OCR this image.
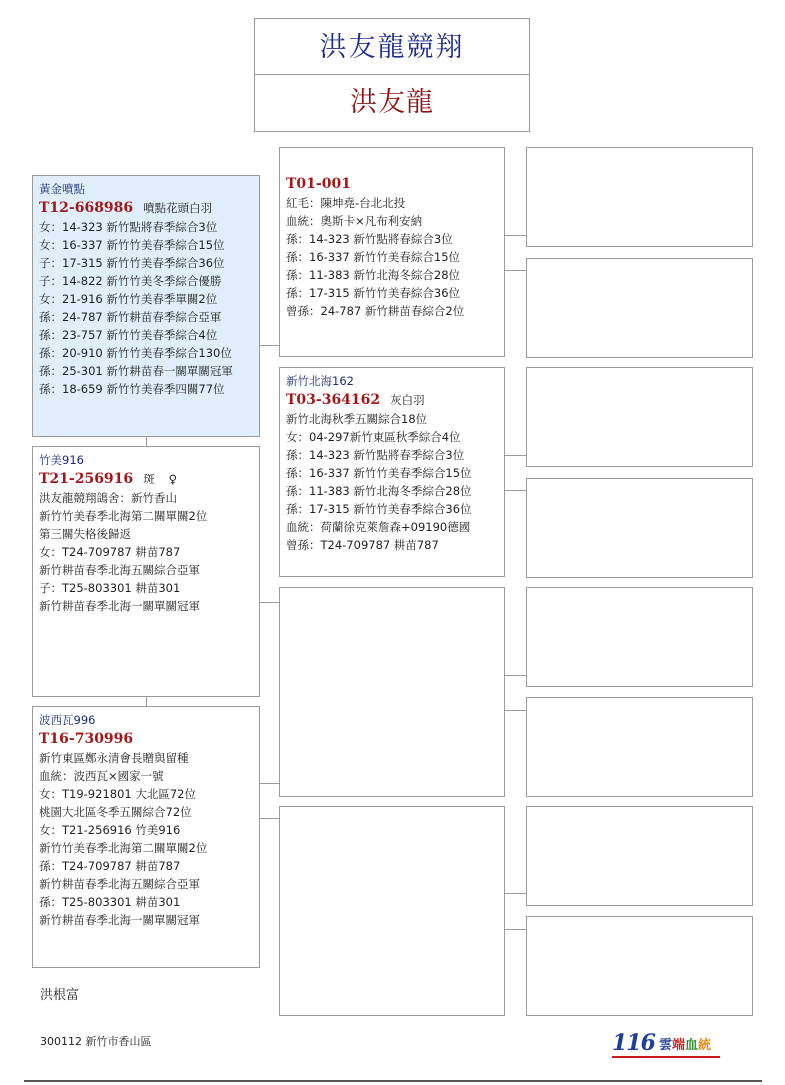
洪友龍競翔
洪友龍
黃金噴點
T12-668986 噴點花頭白羽
女：14-323 新竹點將春季綜合3位
女：16-337 新竹竹美春季綜合15位
子：17-315 新竹竹美春季綜合36位
子：14-822 新竹竹美冬季綜合優勝
女：21-916 新竹竹美春季單關2位
孫：24-787 新竹耕苗春季綜合亞軍
孫：23-757 新竹竹美春季綜合4位
孫：20-910 新竹竹美春季綜合130位
孫：25-301 新竹耕苗春一關單關冠軍
孫：18-659 新竹竹美春季四關77位
竹美916
T21-256916 斑 ♀
洪友龍競翔鴿舍：新竹香山
新竹竹美春季北海第二關單關2位
第三關失格後歸返
女：T24-709787 耕苗787
新竹耕苗春季北海五關綜合亞軍
子：T25-803301 耕苗301
新竹耕苗春季北海一關單關冠軍
波西瓦996
T16-730996
新竹東區鄭永清會長贈與留種
血統：波西瓦×國家一號
女：T19-921801 大北區72位
桃園大北區冬季五關綜合72位
女：T21-256916 竹美916
新竹竹美春季北海第二關單關2位
孫：T24-709787 耕苗787
新竹耕苗春季北海五關綜合亞軍
孫：T25-803301 耕苗301
新竹耕苗春季北海一關單關冠軍
T01-001
紅毛：陳坤堯-台北北投
血統：奧斯卡×凡布利安納
孫：14-323 新竹點將春綜合3位
孫：16-337 新竹竹美春綜合15位
孫：11-383 新竹北海冬綜合28位
孫：17-315 新竹竹美春綜合36位
曾孫：24-787 新竹耕苗春綜合2位
新竹北海162
T03-364162 灰白羽
新竹北海秋季五關綜合18位
女：04-297新竹東區秋季綜合4位
孫：14-323 新竹點將春季綜合3位
孫：16-337 新竹竹美春季綜合15位
孫：11-383 新竹北海冬季綜合28位
孫：17-315 新竹竹美春季綜合36位
血統：荷蘭徐克萊詹森+09190德國
曾孫：T24-709787 耕苗787
洪根富
300112 新竹市香山區	116 雲端血統
